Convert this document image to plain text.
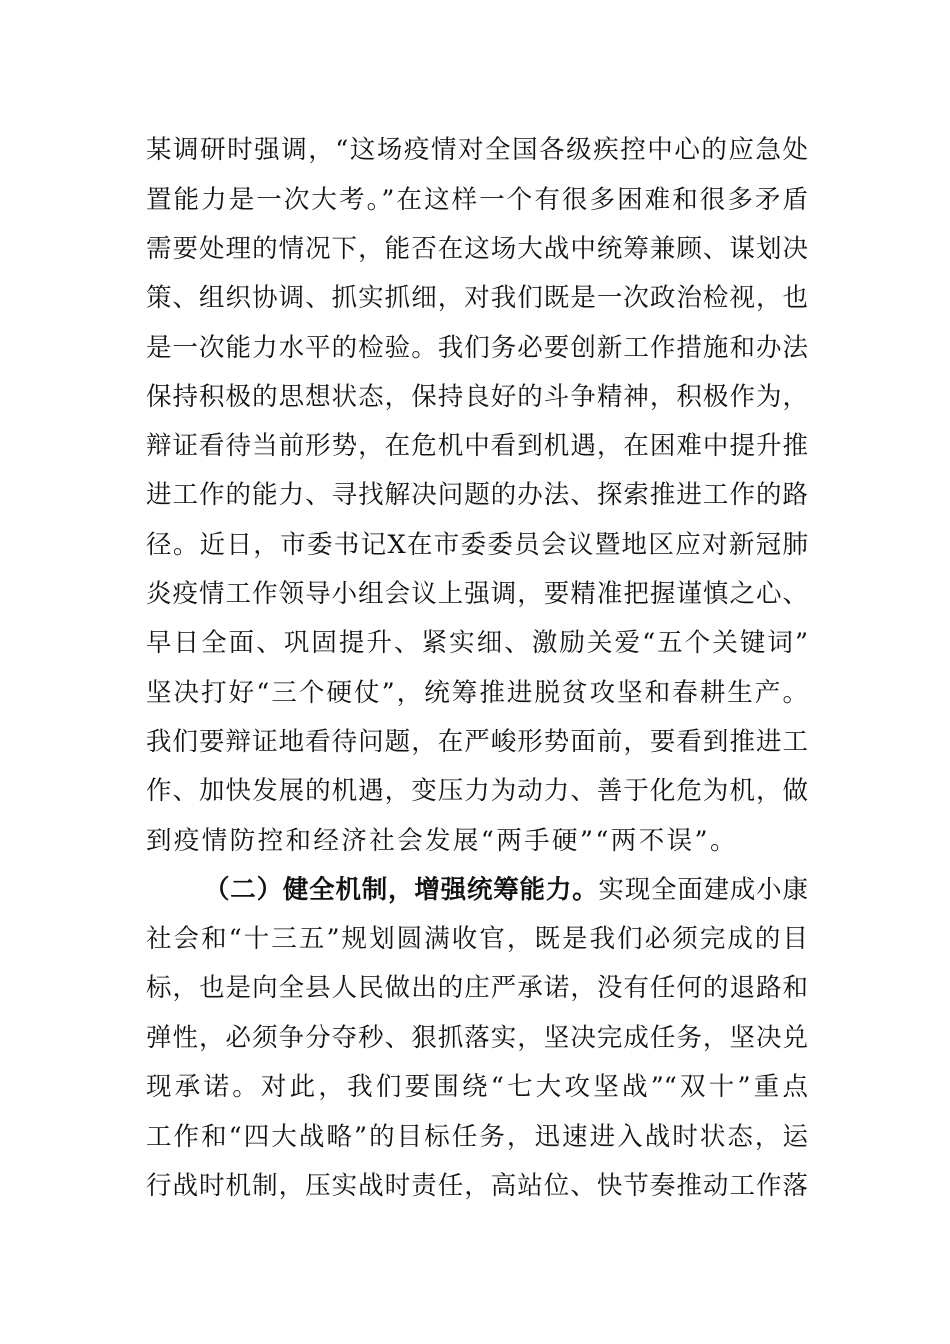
某调研时强调，“这场疫情对全国各级疾控中心的应急处
置能力是一次大考。”在这样一个有很多困难和很多矛盾
需要处理的情况下，能否在这场大战中统筹兼顾、谋划决
策、组织协调、抓实抓细，对我们既是一次政治检视，也
是一次能力水平的检验。我们务必要创新工作措施和办法
保持积极的思想状态，保持良好的斗争精神，积极作为，
辩证看待当前形势，在危机中看到机遇，在困难中提升推
进工作的能力、寻找解决问题的办法、探索推进工作的路
径。近日，市委书记X在市委委员会议暨地区应对新冠肺
炎疫情工作领导小组会议上强调，要精准把握谨慎之心、
早日全面、巩固提升、紧实细、激励关爱“五个关键词”
坚决打好“三个硬仗”，统筹推进脱贫攻坚和春耕生产。
我们要辩证地看待问题，在严峻形势面前，要看到推进工
作、加快发展的机遇，变压力为动力、善于化危为机，做
到疫情防控和经济社会发展“两手硬”“两不误”。
（二）健全机制，增强统筹能力。实现全面建成小康
社会和“十三五”规划圆满收官，既是我们必须完成的目
标，也是向全县人民做出的庄严承诺，没有任何的退路和
弹性，必须争分夺秒、狠抓落实，坚决完成任务，坚决兑
现承诺。对此，我们要围绕“七大攻坚战”“双十”重点
工作和“四大战略”的目标任务，迅速进入战时状态，运
行战时机制，压实战时责任，高站位、快节奏推动工作落
